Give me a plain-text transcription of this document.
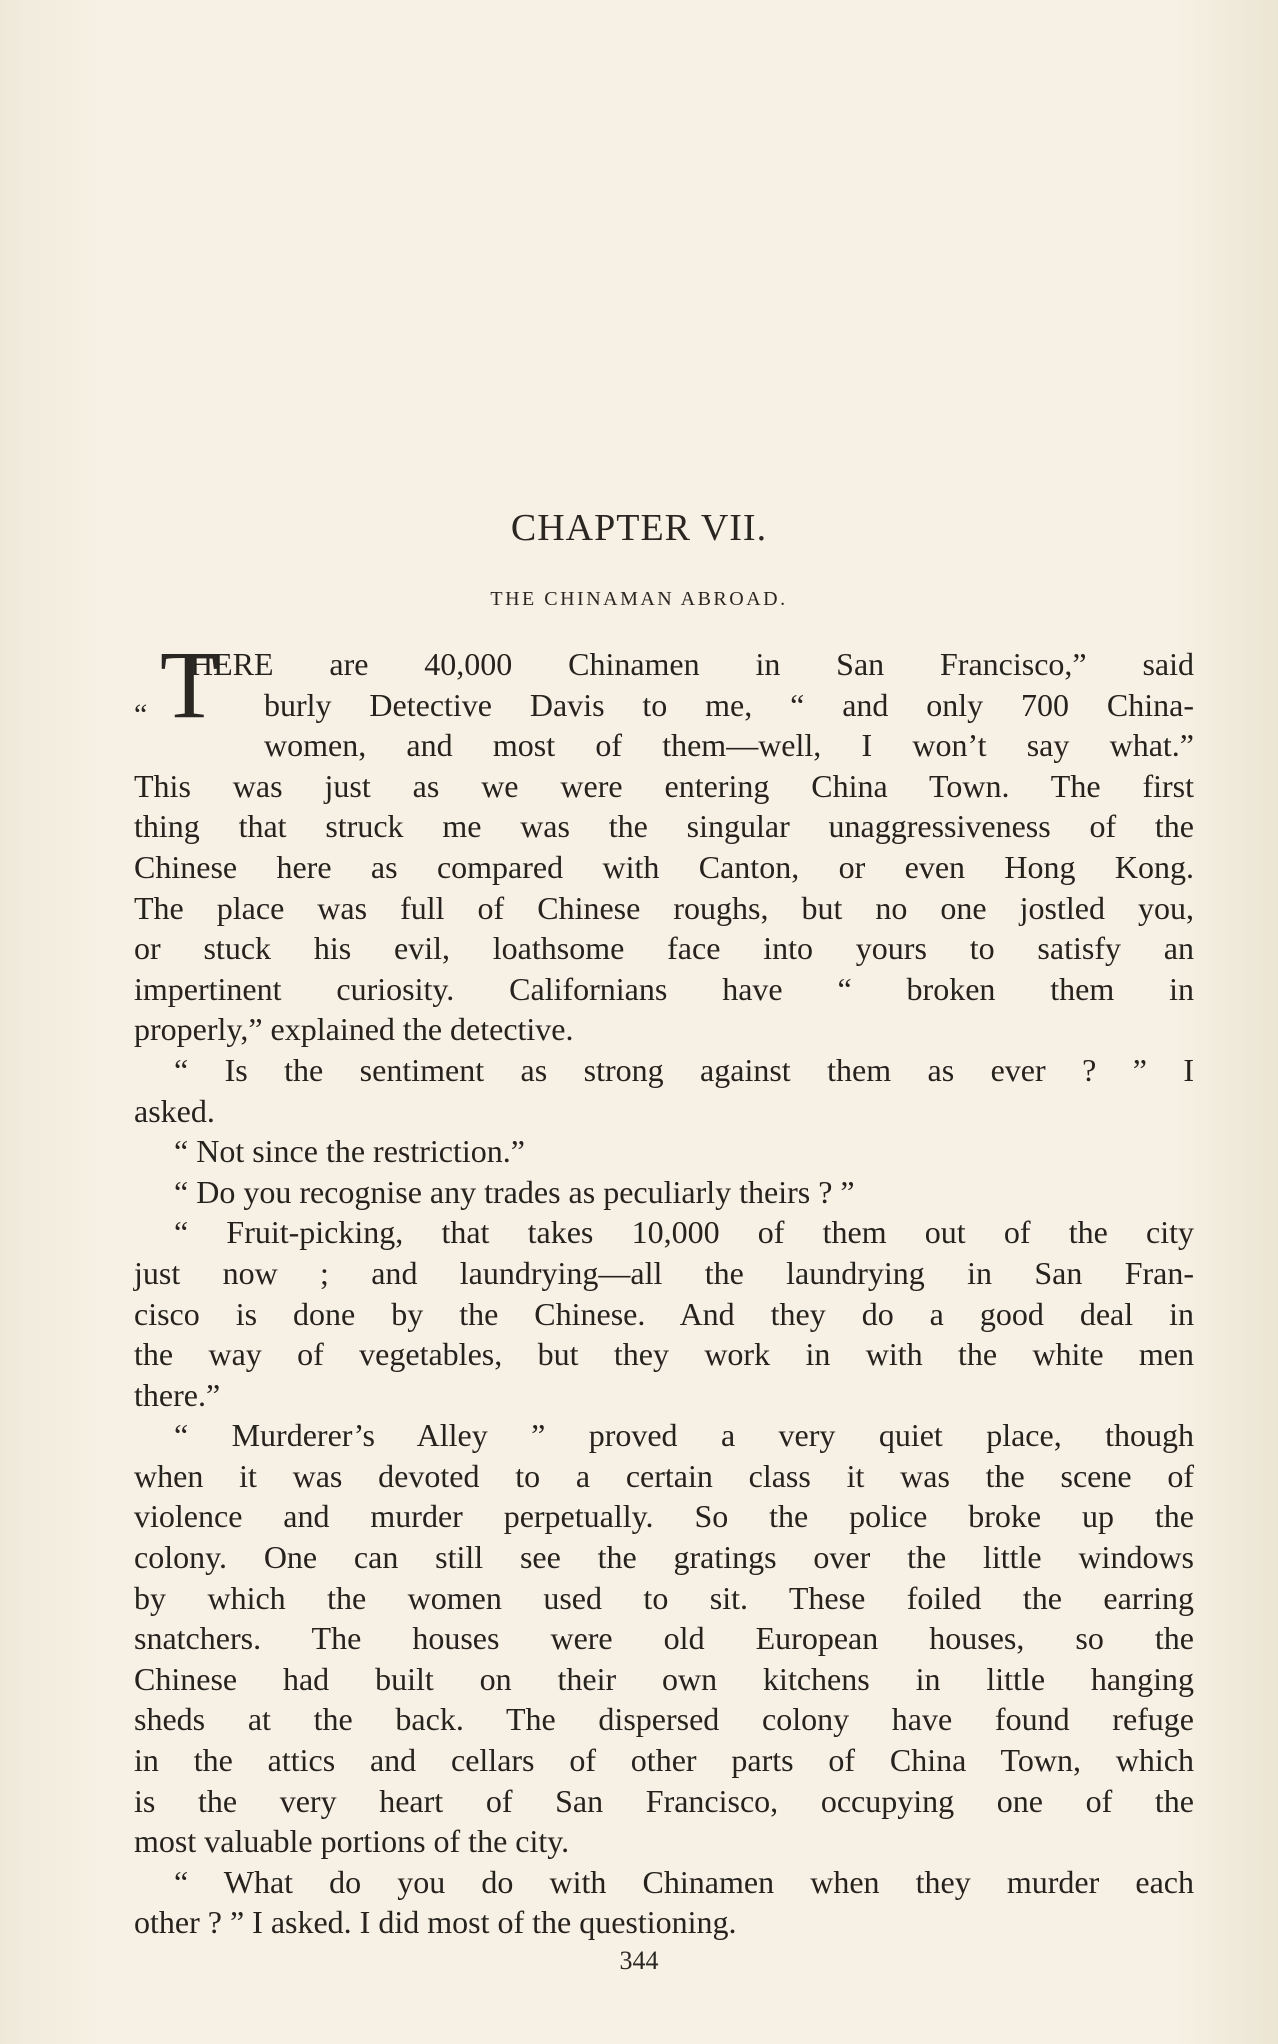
CHAPTER VII.
THE CHINAMAN ABROAD.
“ T
HERE are 40,000 Chinamen in San Francisco,” said
burly Detective Davis to me, “ and only 700 China-
women, and most of them—well, I won’t say what.”
This was just as we were entering China Town. The first
thing that struck me was the singular unaggressiveness of the
Chinese here as compared with Canton, or even Hong Kong.
The place was full of Chinese roughs, but no one jostled you,
or stuck his evil, loathsome face into yours to satisfy an
impertinent curiosity. Californians have “ broken them in
properly,” explained the detective.
“ Is the sentiment as strong against them as ever ? ” I
asked.
“ Not since the restriction.”
“ Do you recognise any trades as peculiarly theirs ? ”
“ Fruit-picking, that takes 10,000 of them out of the city
just now ; and laundrying—all the laundrying in San Fran-
cisco is done by the Chinese. And they do a good deal in
the way of vegetables, but they work in with the white men
there.”
“ Murderer’s Alley ” proved a very quiet place, though
when it was devoted to a certain class it was the scene of
violence and murder perpetually. So the police broke up the
colony. One can still see the gratings over the little windows
by which the women used to sit. These foiled the earring
snatchers. The houses were old European houses, so the
Chinese had built on their own kitchens in little hanging
sheds at the back. The dispersed colony have found refuge
in the attics and cellars of other parts of China Town, which
is the very heart of San Francisco, occupying one of the
most valuable portions of the city.
“ What do you do with Chinamen when they murder each
other ? ” I asked. I did most of the questioning.
344
